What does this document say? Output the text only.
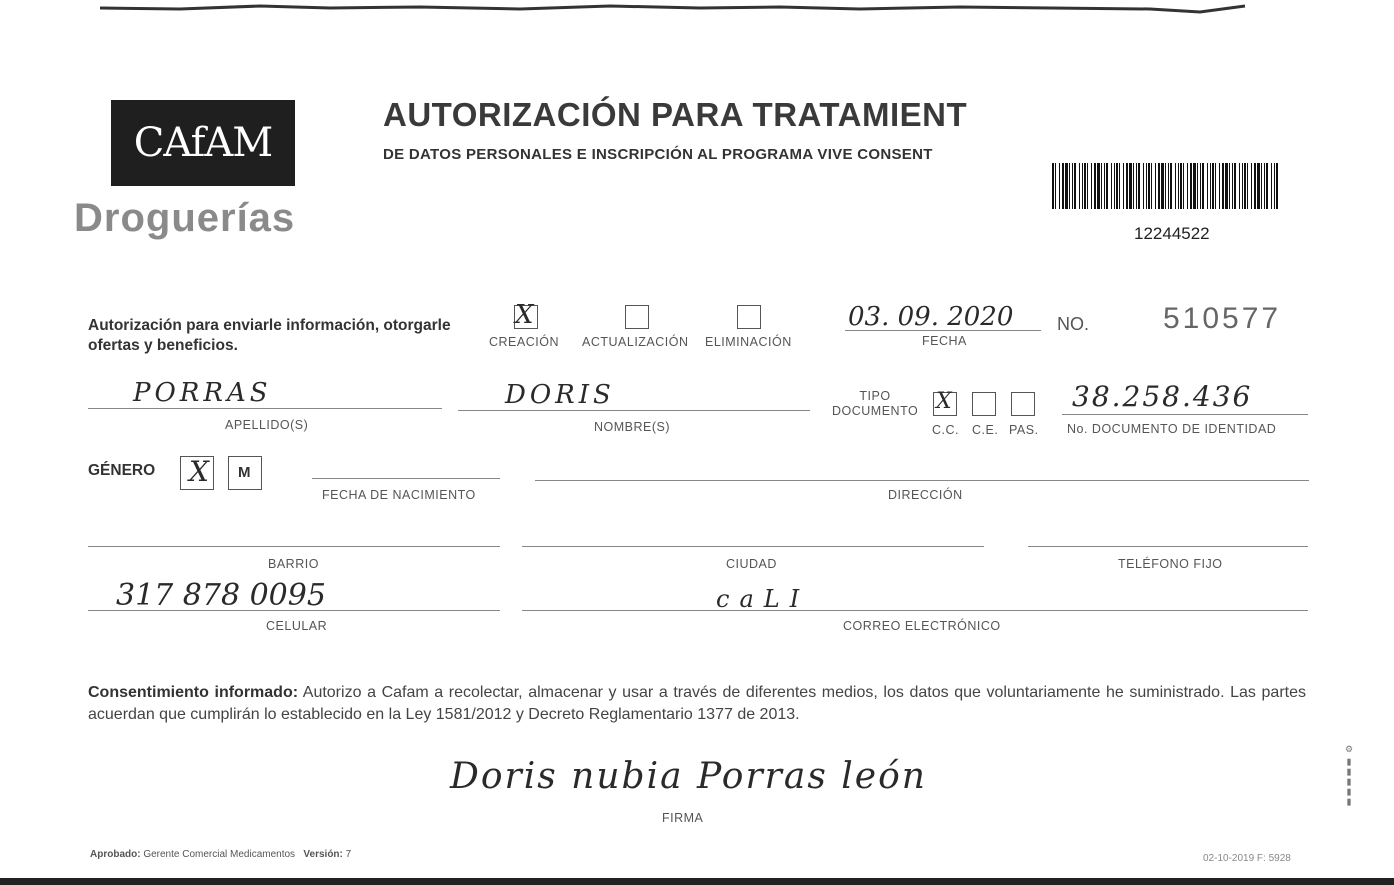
CAfAM
Droguerías
AUTORIZACIÓN PARA TRATAMIENT
DE DATOS PERSONALES E INSCRIPCIÓN AL PROGRAMA VIVE CONSENT
12244522
Autorización para enviarle información, otorgarle ofertas y beneficios.
X
CREACIÓN ACTUALIZACIÓN ELIMINACIÓN
03. 09. 2020
FECHA
NO. 510577
PORRAS
APELLIDO(S)
DORIS
NOMBRE(S)
TIPO DOCUMENTO X
C.C. C.E. PAS.
38.258.436
No. DOCUMENTO DE IDENTIDAD
GÉNERO X M
FECHA DE NACIMIENTO	DIRECCIÓN
BARRIO	CIUDAD	TELÉFONO FIJO
317 878 0095
CELULAR
caLI
CORREO ELECTRÓNICO
Consentimiento informado: Autorizo a Cafam a recolectar, almacenar y usar a través de diferentes medios, los datos que voluntariamente he suministrado. Las partes acuerdan que cumplirán lo establecido en la Ley 1581/2012 y Decreto Reglamentario 1377 de 2013.
Doris nubia Porras león
FIRMA
Aprobado: Gerente Comercial Medicamentos Versión: 7	02-10-2019 F: 5928
⚙ ▮▮▮▮▮
